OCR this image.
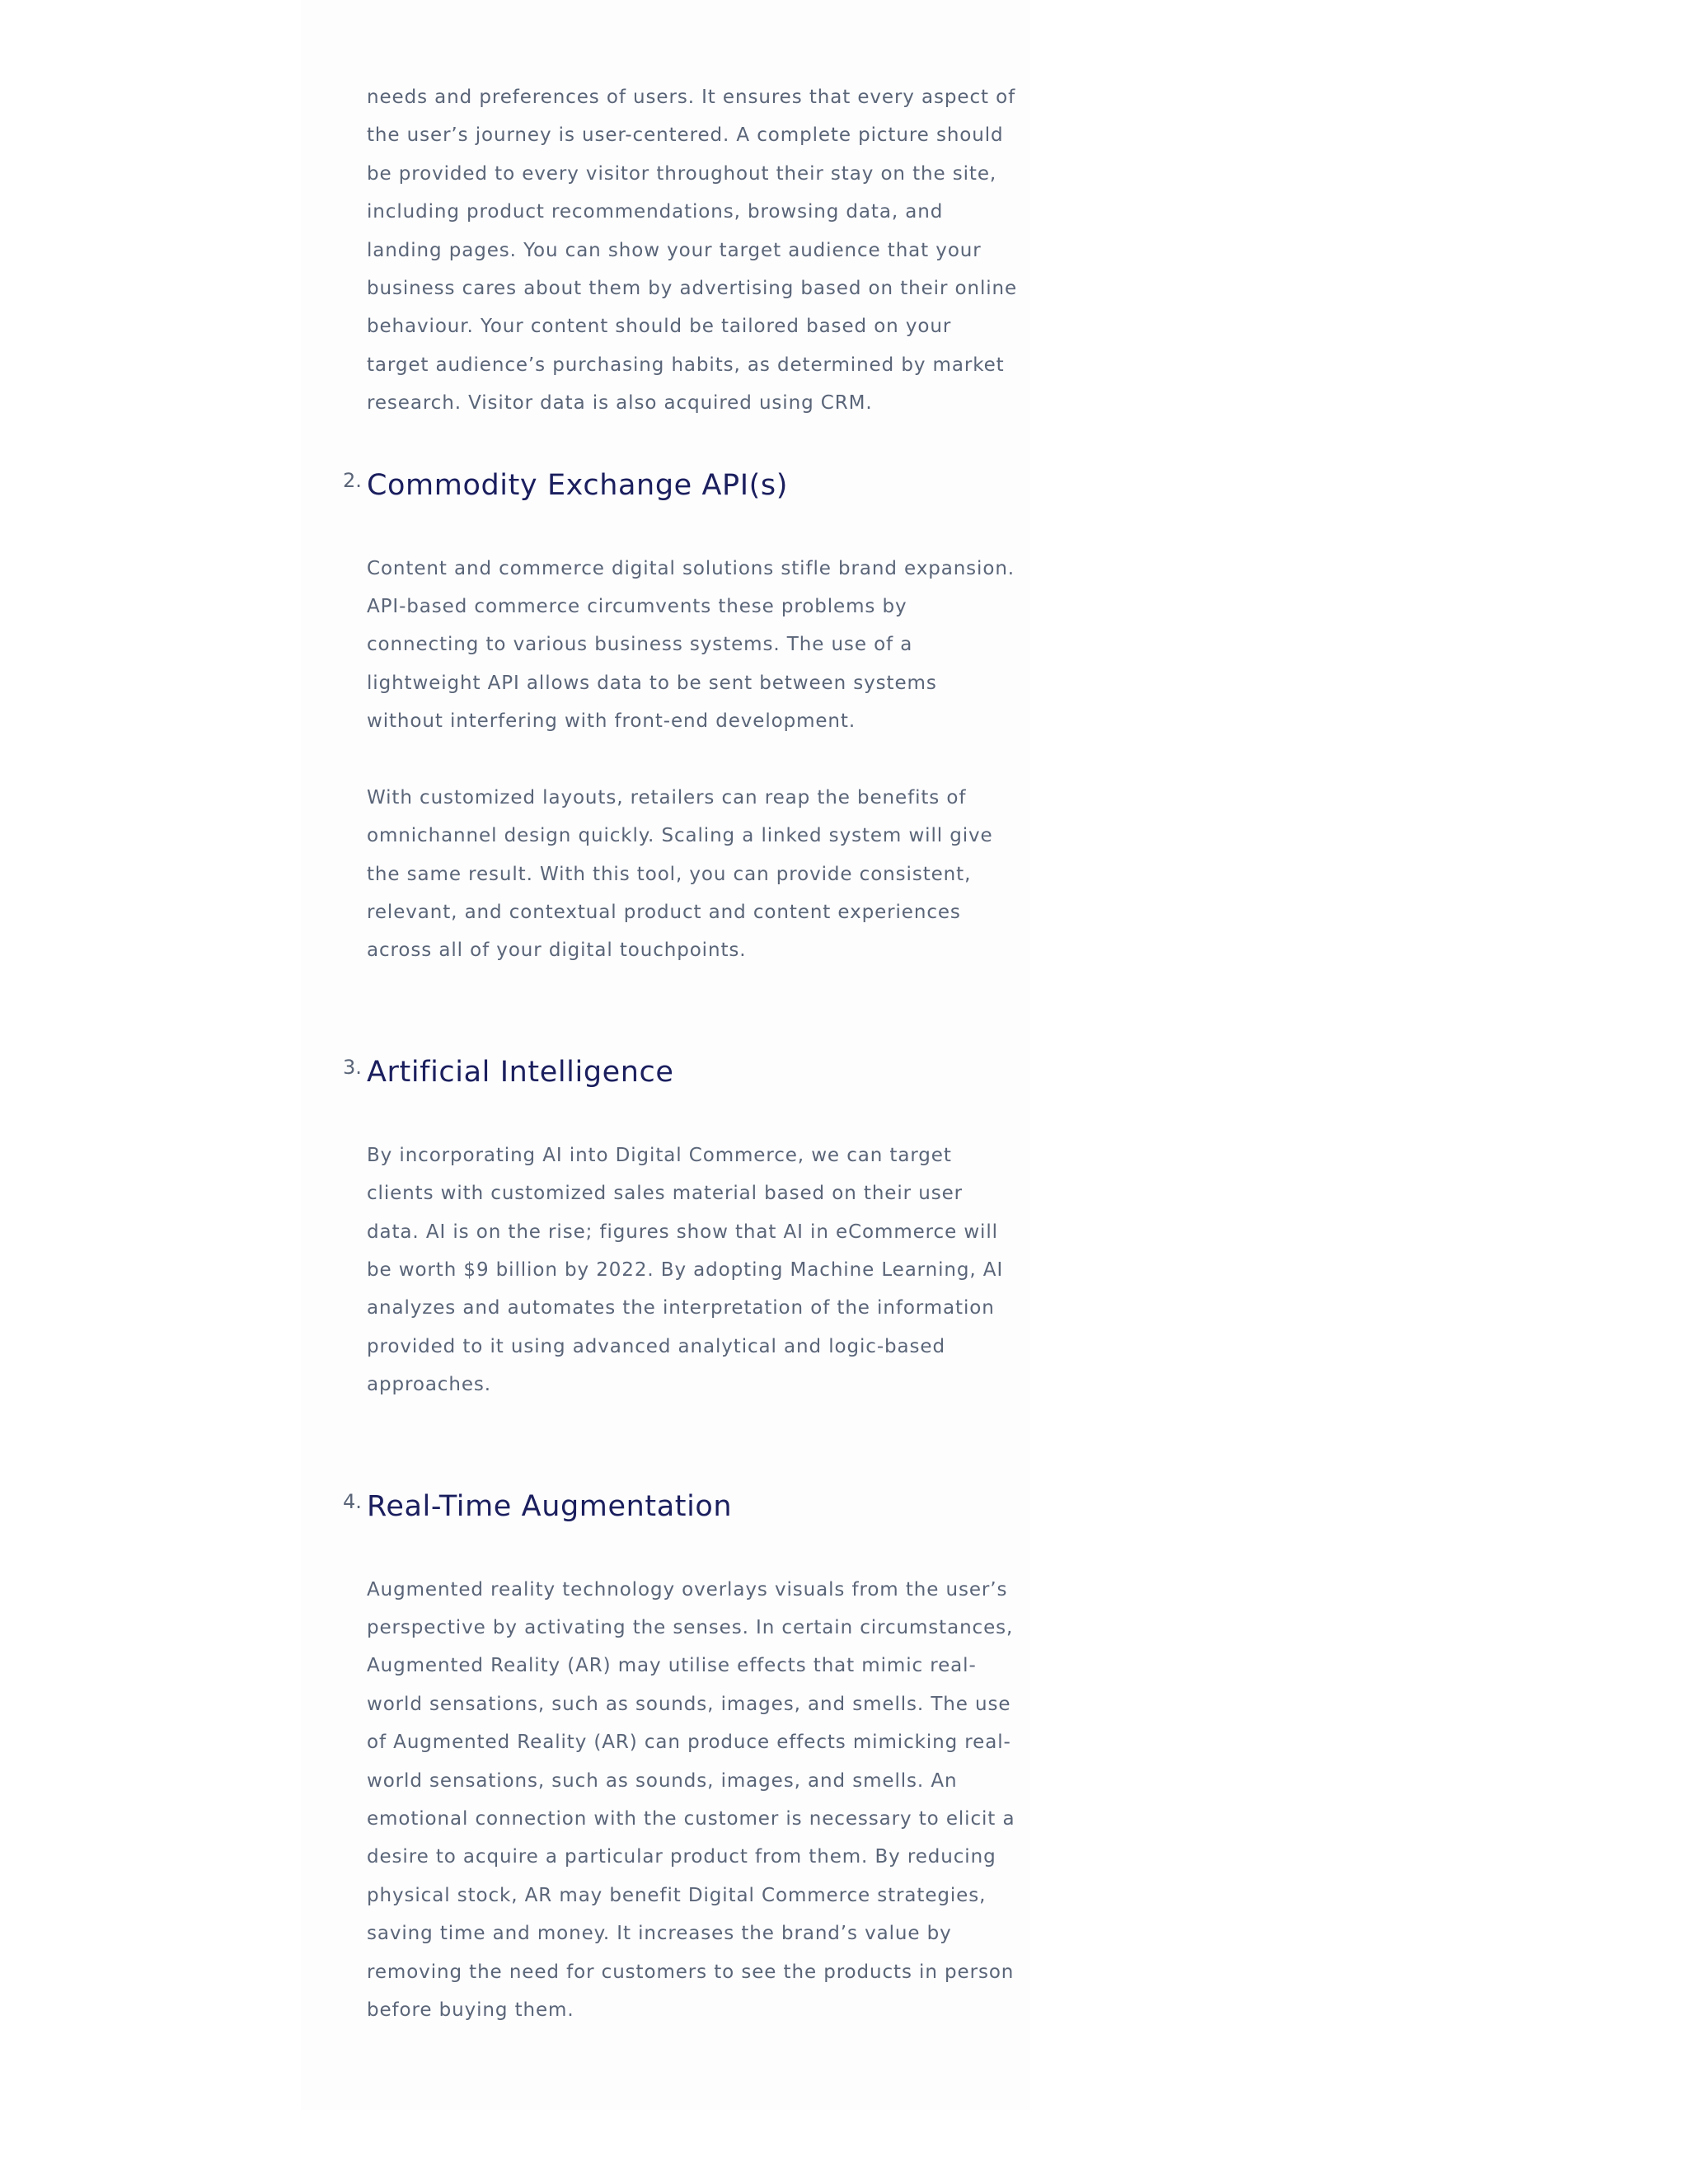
needs and preferences of users. It ensures that every aspect of the user’s journey is user-centered. A complete picture should be provided to every visitor throughout their stay on the site, including product recommendations, browsing data, and landing pages. You can show your target audience that your business cares about them by advertising based on their online behaviour. Your content should be tailored based on your target audience’s purchasing habits, as determined by market research. Visitor data is also acquired using CRM.

2. Commodity Exchange API(s)

Content and commerce digital solutions stifle brand expansion. API-based commerce circumvents these problems by connecting to various business systems. The use of a lightweight API allows data to be sent between systems without interfering with front-end development.

With customized layouts, retailers can reap the benefits of omnichannel design quickly. Scaling a linked system will give the same result. With this tool, you can provide consistent, relevant, and contextual product and content experiences across all of your digital touchpoints.

3. Artificial Intelligence

By incorporating AI into Digital Commerce, we can target clients with customized sales material based on their user data. AI is on the rise; figures show that AI in eCommerce will be worth $9 billion by 2022. By adopting Machine Learning, AI analyzes and automates the interpretation of the information provided to it using advanced analytical and logic-based approaches.

4. Real-Time Augmentation

Augmented reality technology overlays visuals from the user’s perspective by activating the senses. In certain circumstances, Augmented Reality (AR) may utilise effects that mimic real-world sensations, such as sounds, images, and smells. The use of Augmented Reality (AR) can produce effects mimicking real-world sensations, such as sounds, images, and smells. An emotional connection with the customer is necessary to elicit a desire to acquire a particular product from them. By reducing physical stock, AR may benefit Digital Commerce strategies, saving time and money. It increases the brand’s value by removing the need for customers to see the products in person before buying them.
